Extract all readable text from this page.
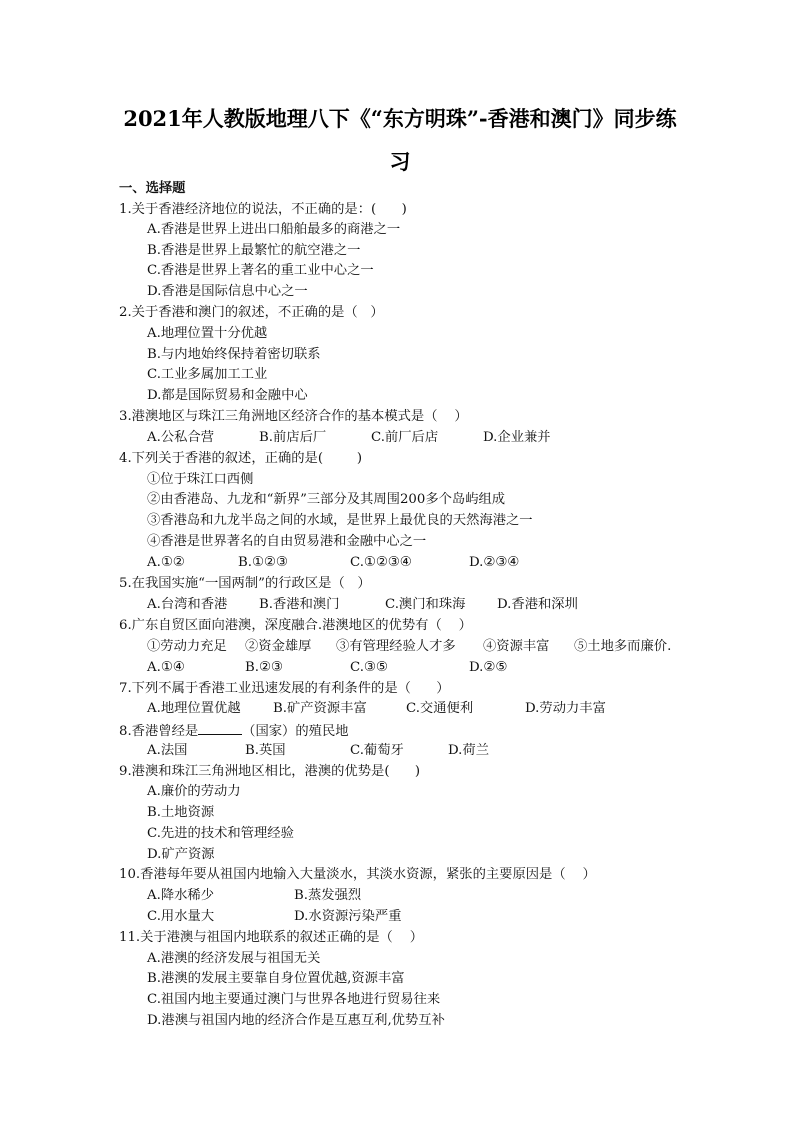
2021年人教版地理八下《“东方明珠”-香港和澳门》同步练
习
一、选择题
1.关于香港经济地位的说法，不正确的是：(      )
A.香港是世界上进出口船舶最多的商港之一
B.香港是世界上最繁忙的航空港之一
C.香港是世界上著名的重工业中心之一
D.香港是国际信息中心之一
2.关于香港和澳门的叙述，不正确的是（   ）
A.地理位置十分优越
B.与内地始终保持着密切联系
C.工业多属加工工业
D.都是国际贸易和金融中心
3.港澳地区与珠江三角洲地区经济合作的基本模式是（    ）
A.公私合营	B.前店后厂	C.前厂后店	D.企业兼并
4.下列关于香港的叙述，正确的是(        )
①位于珠江口西侧
②由香港岛、九龙和“新界”三部分及其周围200多个岛屿组成
③香港岛和九龙半岛之间的水域，是世界上最优良的天然海港之一
④香港是世界著名的自由贸易港和金融中心之一
A.①②	B.①②③	C.①②③④	D.②③④
5.在我国实施“一国两制”的行政区是（   ）
A.台湾和香港 B.香港和澳门	C.澳门和珠海 D.香港和深圳
6.广东自贸区面向港澳，深度融合.港澳地区的优势有（    ）
①劳动力充足 ②资金雄厚 ③有管理经验人才多 ④资源丰富 ⑤土地多而廉价.
A.①④	B.②③	C.③⑤	D.②⑤
7.下列不属于香港工业迅速发展的有利条件的是（      ）
A.地理位置优越 B.矿产资源丰富	C.交通便利	D.劳动力丰富
8.香港曾经是	（国家）的殖民地
A.法国	B.英国	C.葡萄牙	D.荷兰
9.港澳和珠江三角洲地区相比，港澳的优势是(      )
A.廉价的劳动力
B.土地资源
C.先进的技术和管理经验
D.矿产资源
10.香港每年要从祖国内地输入大量淡水，其淡水资源，紧张的主要原因是（    ）
A.降水稀少	B.蒸发强烈
C.用水量大	D.水资源污染严重
11.关于港澳与祖国内地联系的叙述正确的是（    ）
A.港澳的经济发展与祖国无关
B.港澳的发展主要靠自身位置优越,资源丰富
C.祖国内地主要通过澳门与世界各地进行贸易往来
D.港澳与祖国内地的经济合作是互惠互利,优势互补
